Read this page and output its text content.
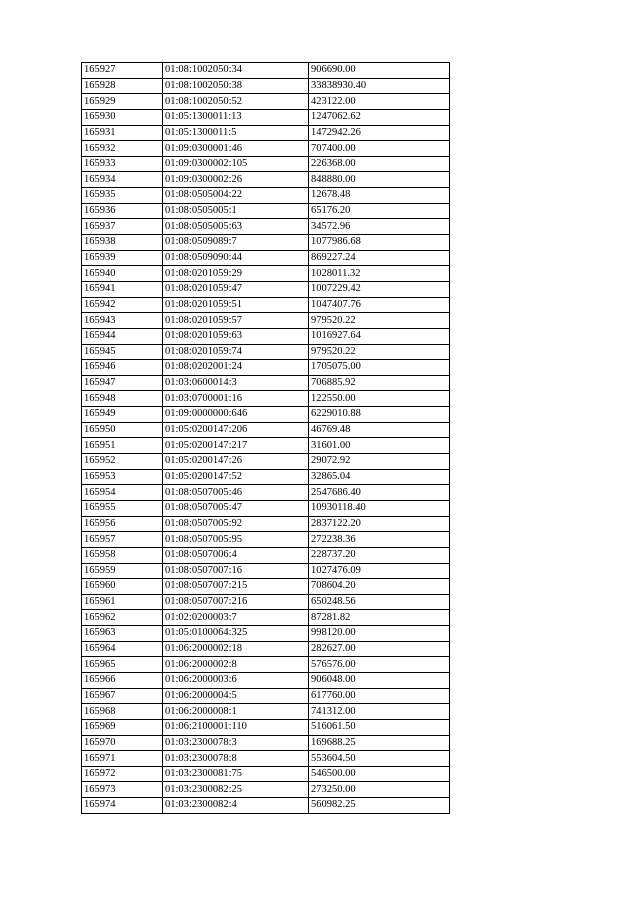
165927	01:08:1002050:34	906690.00
165928	01:08:1002050:38	33838930.40
165929	01:08:1002050:52	423122.00
165930	01:05:1300011:13	1247062.62
165931	01:05:1300011:5	1472942.26
165932	01:09:0300001:46	707400.00
165933	01:09:0300002:105	226368.00
165934	01:09:0300002:26	848880.00
165935	01:08:0505004:22	12678.48
165936	01:08:0505005:1	65176.20
165937	01:08:0505005:63	34572.96
165938	01:08:0509089:7	1077986.68
165939	01:08:0509090:44	869227.24
165940	01:08:0201059:29	1028011.32
165941	01:08:0201059:47	1007229.42
165942	01:08:0201059:51	1047407.76
165943	01:08:0201059:57	979520.22
165944	01:08:0201059:63	1016927.64
165945	01:08:0201059:74	979520.22
165946	01:08:0202001:24	1705075.00
165947	01:03:0600014:3	706885.92
165948	01:03:0700001:16	122550.00
165949	01:09:0000000:646	6229010.88
165950	01:05:0200147:206	46769.48
165951	01:05:0200147:217	31601.00
165952	01:05:0200147:26	29072.92
165953	01:05:0200147:52	32865.04
165954	01:08:0507005:46	2547686.40
165955	01:08:0507005:47	10930118.40
165956	01:08:0507005:92	2837122.20
165957	01:08:0507005:95	272238.36
165958	01:08:0507006:4	228737.20
165959	01:08:0507007:16	1027476.09
165960	01:08:0507007:215	708604.20
165961	01:08:0507007:216	650248.56
165962	01:02:0200003:7	87281.82
165963	01:05:0100064:325	998120.00
165964	01:06:2000002:18	282627.00
165965	01:06:2000002:8	576576.00
165966	01:06:2000003:6	906048.00
165967	01:06:2000004:5	617760.00
165968	01:06:2000008:1	741312.00
165969	01:06:2100001:110	516061.50
165970	01:03:2300078:3	169688.25
165971	01:03:2300078:8	553604.50
165972	01:03:2300081:75	546500.00
165973	01:03:2300082:25	273250.00
165974	01:03:2300082:4	560982.25
